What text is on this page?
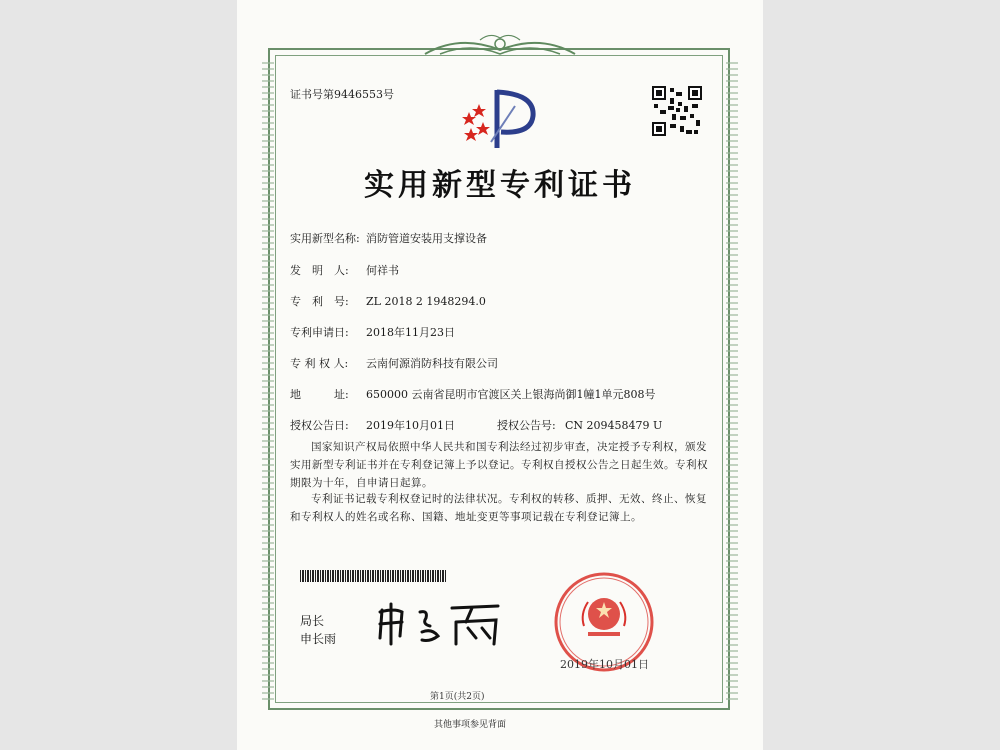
证书号第9446553号
实用新型专利证书
实用新型名称: 消防管道安装用支撑设备
发　明　人: 何祥书
专　利　号: ZL 2018 2 1948294.0
专利申请日: 2018年11月23日
专 利 权 人: 云南何源消防科技有限公司
地　　　址: 650000 云南省昆明市官渡区关上银海尚御1幢1单元808号
授权公告日: 2019年10月01日	授权公告号: CN 209458479 U
国家知识产权局依照中华人民共和国专利法经过初步审查，决定授予专利权，颁发实用新型专利证书并在专利登记簿上予以登记。专利权自授权公告之日起生效。专利权期限为十年，自申请日起算。
专利证书记载专利权登记时的法律状况。专利权的转移、质押、无效、终止、恢复和专利权人的姓名或名称、国籍、地址变更等事项记载在专利登记簿上。
局长
申长雨
2019年10月01日
第1页(共2页)
其他事项参见背面
